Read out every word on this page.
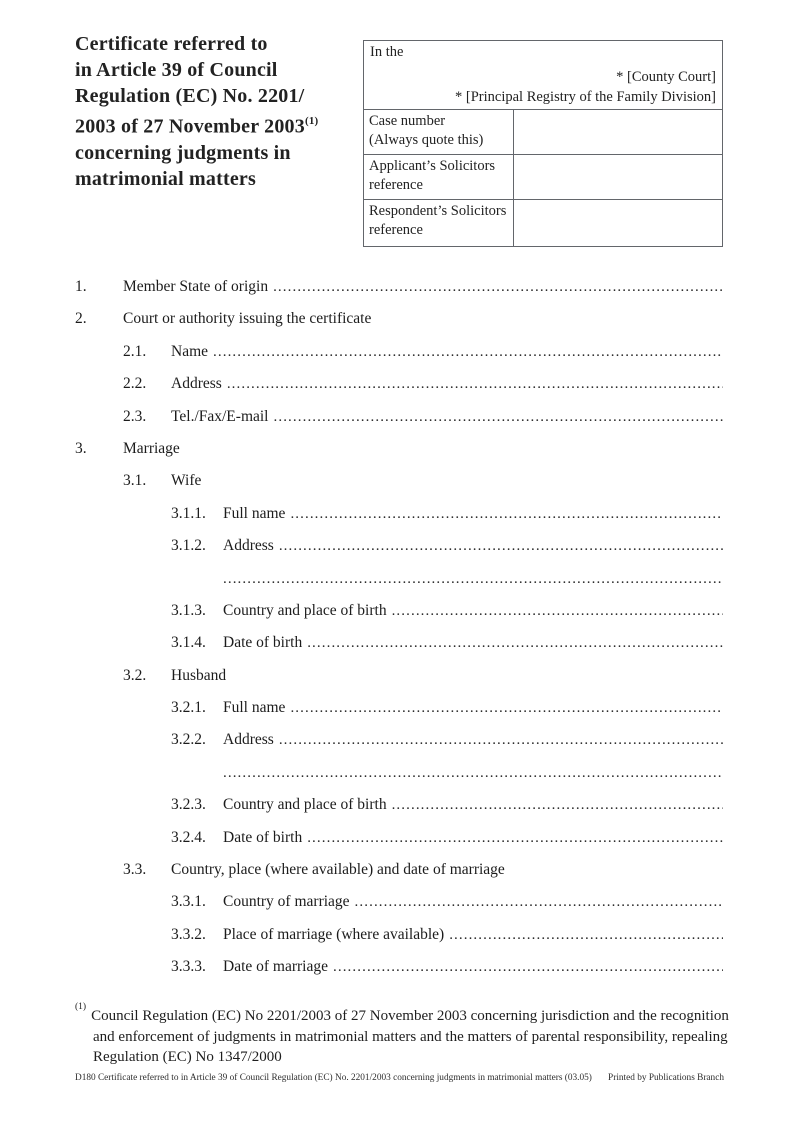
Certificate referred to
in Article 39 of Council
Regulation (EC) No. 2201/
2003 of 27 November 2003$^{(1)}$
concerning judgments in
matrimonial matters
In the
* [County Court]
* [Principal Registry of the Family Division]
Case number
(Always quote this)
Applicant’s Solicitors
reference
Respondent’s Solicitors
reference
1.	Member State of origin
.....
2.	Court or authority issuing the certificate
2.1.	Name
.....
2.2.	Address
.....
2.3.	Tel./Fax/E-mail
.....
3.	Marriage
3.1.	Wife
3.1.1.	Full name
.....
3.1.2.	Address
.....
.....
3.1.3.	Country and place of birth
.....
3.1.4.	Date of birth
.....
3.2.	Husband
3.2.1.	Full name
.....
3.2.2.	Address
.....
.....
3.2.3.	Country and place of birth
.....
3.2.4.	Date of birth
.....
3.3.	Country, place (where available) and date of marriage
3.3.1.	Country of marriage
.....
3.3.2.	Place of marriage (where available)
.....
3.3.3.	Date of marriage
.....
$^{(1)}$Council Regulation (EC) No 2201/2003 of 27 November 2003 concerning jurisdiction and the recognition and enforcement of judgments in matrimonial matters and the matters of parental responsibility, repealing Regulation (EC) No 1347/2000
D180 Certificate referred to in Article 39 of Council Regulation (EC) No. 2201/2003 concerning judgments in matrimonial matters (03.05) Printed by Publications Branch
